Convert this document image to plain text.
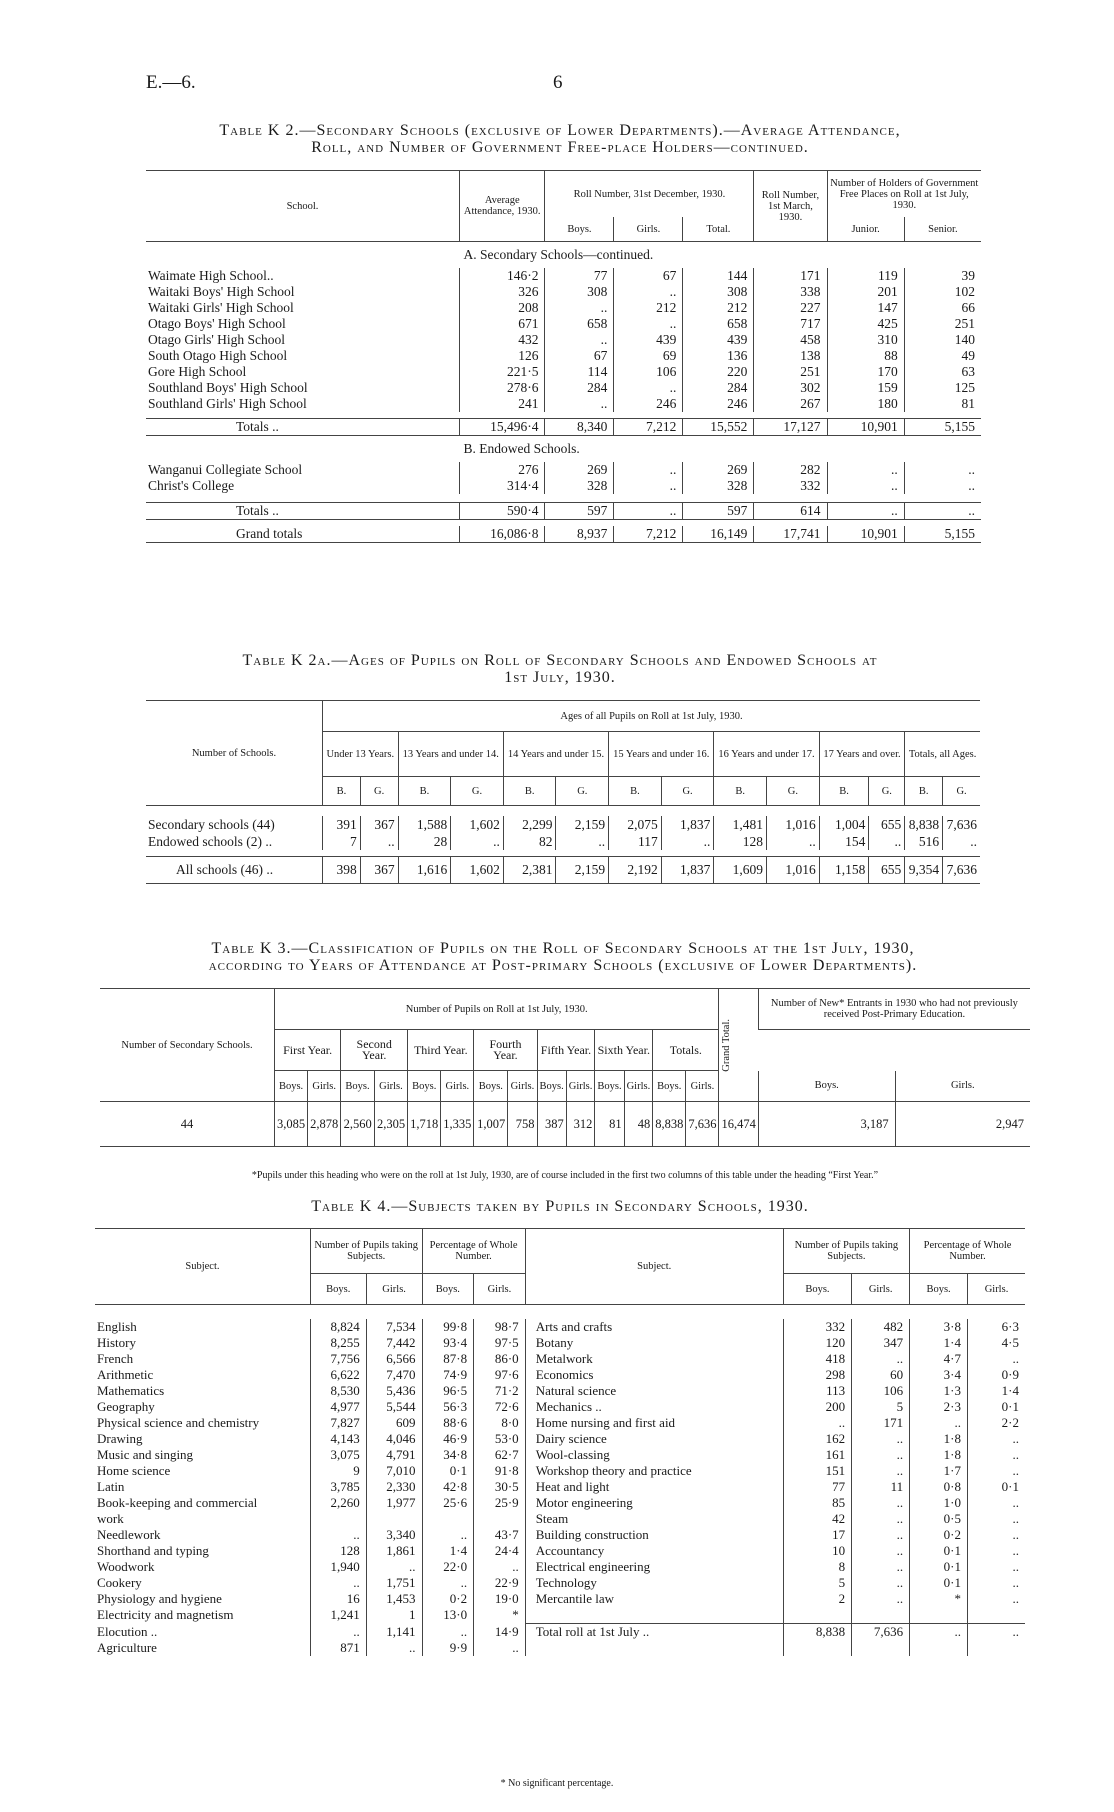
E.—6.	6
Table K 2.—Secondary Schools (exclusive of Lower Departments).—Average Attendance,
Roll, and Number of Government Free-place Holders—continued.
School.	Average Attendance, 1930.	Roll Number, 31st December, 1930.			Roll Number, 1st March, 1930.	Number of Holders of Government Free Places on Roll at 1st July, 1930.	
		Boys.	Girls.	Total.		Junior.	Senior.
	A. Secondary Schools—continued.						
Waimate High School..	146·2	77	67	144	171	119	39
Waitaki Boys' High School	326	308	..	308	338	201	102
Waitaki Girls' High School	208	..	212	212	227	147	66
Otago Boys' High School	671	658	..	658	717	425	251
Otago Girls' High School	432	..	439	439	458	310	140
South Otago High School	126	67	69	136	138	88	49
Gore High School	221·5	114	106	220	251	170	63
Southland Boys' High School	278·6	284	..	284	302	159	125
Southland Girls' High School	241	..	246	246	267	180	81

Totals ..	15,496·4	8,340	7,212	15,552	17,127	10,901	5,155
	B. Endowed Schools.						
Wanganui Collegiate School	276	269	..	269	282	..	..
Christ's College	314·4	328	..	328	332	..	..

Totals ..	590·4	597	..	597	614	..	..

Grand totals	16,086·8	8,937	7,212	16,149	17,741	10,901	5,155
Table K 2a.—Ages of Pupils on Roll of Secondary Schools and Endowed Schools at
1st July, 1930.
Number of Schools.	Ages of all Pupils on Roll at 1st July, 1930.													
	Under 13 Years.		13 Years and under 14.		14 Years and under 15.		15 Years and under 16.		16 Years and under 17.		17 Years and over.		Totals, all Ages.	
	B.	G.	B.	G.	B.	G.	B.	G.	B.	G.	B.	G.	B.	G.

Secondary schools (44)	391	367	1,588	1,602	2,299	2,159	2,075	1,837	1,481	1,016	1,004	655	8,838	7,636
Endowed schools (2) ..	7	..	28	..	82	..	117	..	128	..	154	..	516	..

All schools (46) ..	398	367	1,616	1,602	2,381	2,159	2,192	1,837	1,609	1,016	1,158	655	9,354	7,636
Table K 3.—Classification of Pupils on the Roll of Secondary Schools at the 1st July, 1930,
according to Years of Attendance at Post-primary Schools (exclusive of Lower Departments).
Number of Secondary Schools.	Number of Pupils on Roll at 1st July, 1930.														Grand Total.	Number of New* Entrants in 1930 who had not previously received Post-Primary Education.	
	First Year.		Second Year.		Third Year.		Fourth Year.		Fifth Year.		Sixth Year.		Totals.				
	Boys.	Girls.	Boys.	Girls.	Boys.	Girls.	Boys.	Girls.	Boys.	Girls.	Boys.	Girls.	Boys.	Girls.		Boys.	Girls.
44	3,085	2,878	2,560	2,305	1,718	1,335	1,007	758	387	312	81	48	8,838	7,636	16,474	3,187	2,947
*Pupils under this heading who were on the roll at 1st July, 1930, are of course included in the first two columns of this table under the heading “First Year.”
Table K 4.—Subjects taken by Pupils in Secondary Schools, 1930.
Subject.	Number of Pupils taking Subjects.		Percentage of Whole Number.		Subject.	Number of Pupils taking Subjects.		Percentage of Whole Number.	
	Boys.	Girls.	Boys.	Girls.		Boys.	Girls.	Boys.	Girls.

English	8,824	7,534	99·8	98·7	Arts and crafts	332	482	3·8	6·3
History	8,255	7,442	93·4	97·5	Botany	120	347	1·4	4·5
French	7,756	6,566	87·8	86·0	Metalwork	418	..	4·7	..
Arithmetic	6,622	7,470	74·9	97·6	Economics	298	60	3·4	0·9
Mathematics	8,530	5,436	96·5	71·2	Natural science	113	106	1·3	1·4
Geography	4,977	5,544	56·3	72·6	Mechanics ..	200	5	2·3	0·1
Physical science and chemistry	7,827	609	88·6	8·0	Home nursing and first aid	..	171	..	2·2
Drawing	4,143	4,046	46·9	53·0	Dairy science	162	..	1·8	..
Music and singing	3,075	4,791	34·8	62·7	Wool-classing	161	..	1·8	..
Home science	9	7,010	0·1	91·8	Workshop theory and practice	151	..	1·7	..
Latin	3,785	2,330	42·8	30·5	Heat and light	77	11	0·8	0·1
Book-keeping and commercial	2,260	1,977	25·6	25·9	Motor engineering	85	..	1·0	..
work					Steam	42	..	0·5	..
Needlework	..	3,340	..	43·7	Building construction	17	..	0·2	..
Shorthand and typing	128	1,861	1·4	24·4	Accountancy	10	..	0·1	..
Woodwork	1,940	..	22·0	..	Electrical engineering	8	..	0·1	..
Cookery	..	1,751	..	22·9	Technology	5	..	0·1	..
Physiology and hygiene	16	1,453	0·2	19·0	Mercantile law	2	..	*	..
Electricity and magnetism	1,241	1	13·0	*					
Elocution ..	..	1,141	..	14·9	Total roll at 1st July ..	8,838	7,636	..	..
Agriculture	871	..	9·9	..					
* No significant percentage.
